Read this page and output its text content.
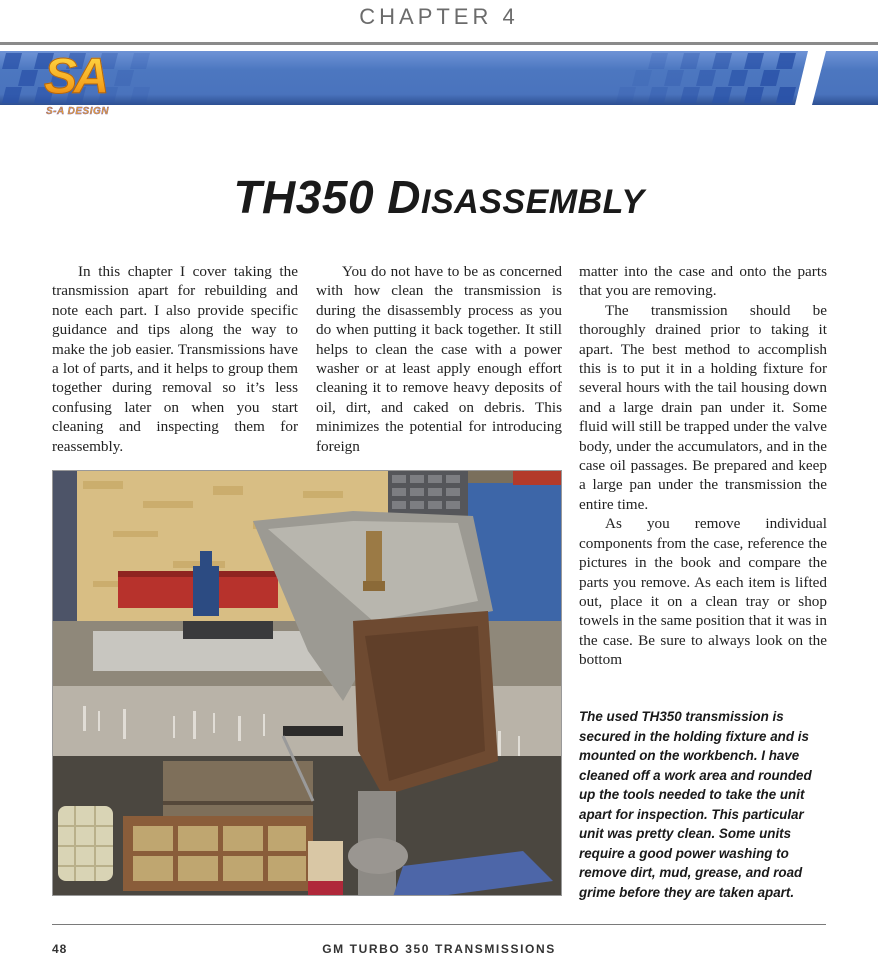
CHAPTER 4
SA
S-A DESIGN
TH350 DISASSEMBLY

In this chapter I cover taking the transmission apart for rebuilding and note each part. I also provide specific guidance and tips along the way to make the job easier. Transmissions have a lot of parts, and it helps to group them together during removal so it’s less confusing later on when you start cleaning and inspecting them for reassembly.

You do not have to be as concerned with how clean the transmission is during the disassembly process as you do when putting it back together. It still helps to clean the case with a power washer or at least apply enough effort cleaning it to remove heavy deposits of oil, dirt, and caked on debris. This minimizes the potential for introducing foreign

matter into the case and onto the parts that you are removing.

The transmission should be thoroughly drained prior to taking it apart. The best method to accomplish this is to put it in a holding fixture for several hours with the tail housing down and a large drain pan under it. Some fluid will still be trapped under the valve body, under the accumulators, and in the case oil passages. Be prepared and keep a large pan under the transmission the entire time.

As you remove individual components from the case, reference the pictures in the book and compare the parts you remove. As each item is lifted out, place it on a clean tray or shop towels in the same position that it was in the case. Be sure to always look on the bottom

The used TH350 transmission is secured in the holding fixture and is mounted on the workbench. I have cleaned off a work area and rounded up the tools needed to take the unit apart for inspection. This particular unit was pretty clean. Some units require a good power washing to remove dirt, mud, grease, and road grime before they are taken apart.
48	GM TURBO 350 TRANSMISSIONS
